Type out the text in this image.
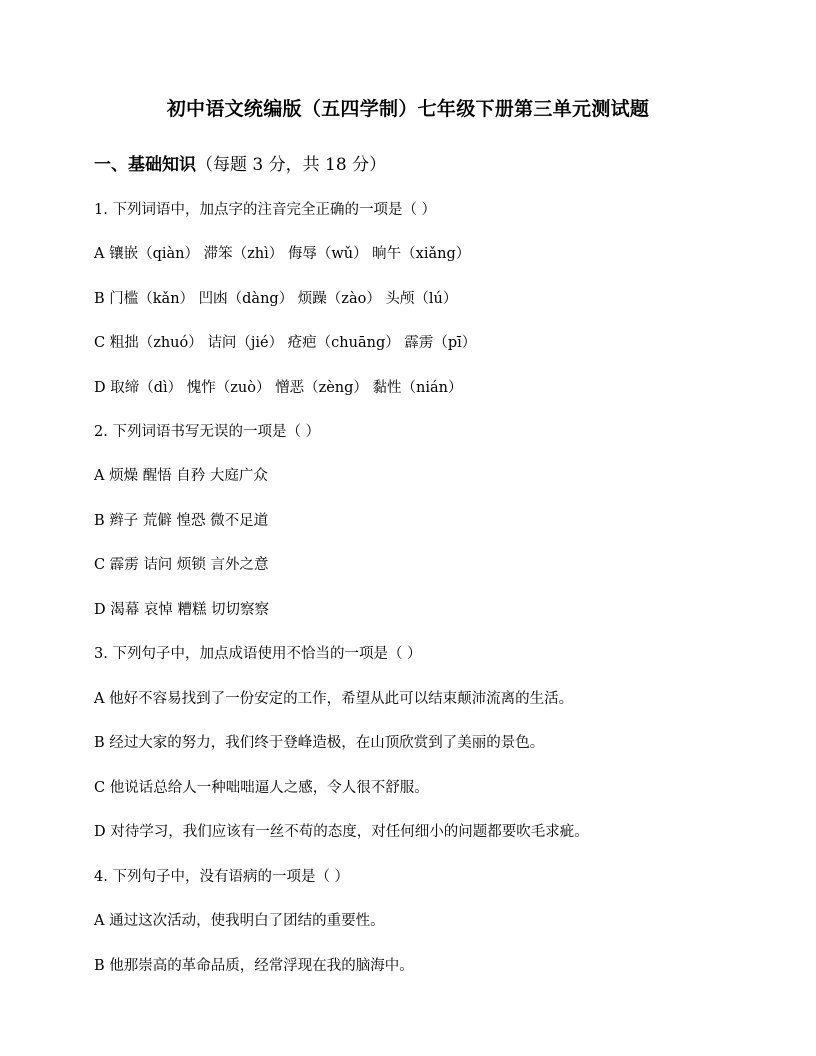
初中语文统编版（五四学制）七年级下册第三单元测试题
一、基础知识（每题 3 分，共 18 分）
1. 下列词语中，加点字的注音完全正确的一项是（ ）
A 镶嵌（qiàn） 滞笨（zhì） 侮辱（wǔ） 晌午（xiǎng）
B 门槛（kǎn） 凹凼（dàng） 烦躁（zào） 头颅（lú）
C 粗拙（zhuó） 诘问（jié） 疮疤（chuāng） 霹雳（pī）
D 取缔（dì） 愧怍（zuò） 憎恶（zèng） 黏性（nián）
2. 下列词语书写无误的一项是（ ）
A 烦燥 醒悟 自矜 大庭广众
B 辫子 荒僻 惶恐 微不足道
C 霹雳 诘问 烦锁 言外之意
D 渴幕 哀悼 糟糕 切切察察
3. 下列句子中，加点成语使用不恰当的一项是（ ）
A 他好不容易找到了一份安定的工作，希望从此可以结束颠沛流离的生活。
B 经过大家的努力，我们终于登峰造极，在山顶欣赏到了美丽的景色。
C 他说话总给人一种咄咄逼人之感，令人很不舒服。
D 对待学习，我们应该有一丝不苟的态度，对任何细小的问题都要吹毛求疵。
4. 下列句子中，没有语病的一项是（ ）
A 通过这次活动，使我明白了团结的重要性。
B 他那崇高的革命品质，经常浮现在我的脑海中。
